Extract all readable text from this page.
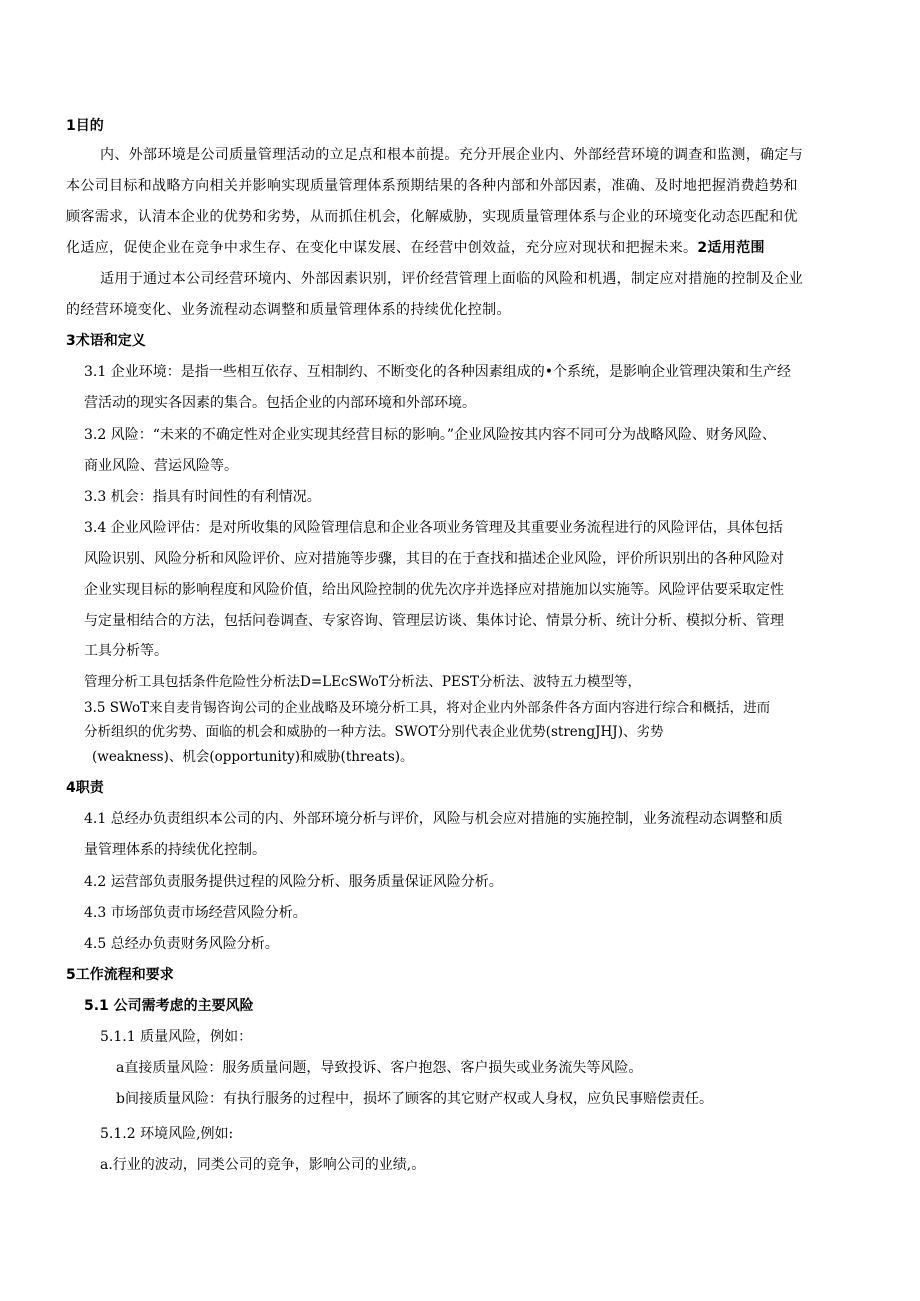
1目的
内、外部环境是公司质量管理活动的立足点和根本前提。充分开展企业内、外部经营环境的调查和监测，确定与
本公司目标和战略方向相关并影响实现质量管理体系预期结果的各种内部和外部因素，准确、及时地把握消费趋势和
顾客需求，认清本企业的优势和劣势，从而抓住机会，化解威胁，实现质量管理体系与企业的环境变化动态匹配和优
化适应，促使企业在竞争中求生存、在变化中谋发展、在经营中创效益，充分应对现状和把握未来。2适用范围
适用于通过本公司经营环境内、外部因素识别，评价经营管理上面临的风险和机遇，制定应对措施的控制及企业
的经营环境变化、业务流程动态调整和质量管理体系的持续优化控制。
3术语和定义
3.1 企业环境：是指一些相互依存、互相制约、不断变化的各种因素组成的•个系统，是影响企业管理决策和生产经
营活动的现实各因素的集合。包括企业的内部环境和外部环境。
3.2 风险：“未来的不确定性对企业实现其经营目标的影响。”企业风险按其内容不同可分为战略风险、财务风险、
商业风险、营运风险等。
3.3 机会：指具有时间性的有利情况。
3.4 企业风险评估：是对所收集的风险管理信息和企业各项业务管理及其重要业务流程进行的风险评估，具体包括
风险识别、风险分析和风险评价、应对措施等步骤，其目的在于查找和描述企业风险，评价所识别出的各种风险对
企业实现目标的影响程度和风险价值，给出风险控制的优先次序并选择应对措施加以实施等。风险评估要采取定性
与定量相结合的方法，包括问卷调查、专家咨询、管理层访谈、集体讨论、情景分析、统计分析、模拟分析、管理
工具分析等。
管理分析工具包括条件危险性分析法D=LEcSWoT分析法、PEST分析法、波特五力模型等，
3.5 SWoT来自麦肯锡咨询公司的企业战略及环境分析工具，将对企业内外部条件各方面内容进行综合和概括，进而
分析组织的优劣势、面临的机会和威胁的一种方法。SWOT分别代表企业优势(strengJHJ)、劣势
(weakness)、机会(opportunity)和威胁(threats)。
4职责
4.1 总经办负责组织本公司的内、外部环境分析与评价，风险与机会应对措施的实施控制，业务流程动态调整和质
量管理体系的持续优化控制。
4.2 运营部负责服务提供过程的风险分析、服务质量保证风险分析。
4.3 市场部负责市场经营风险分析。
4.5 总经办负责财务风险分析。
5工作流程和要求
5.1 公司需考虑的主要风险
5.1.1 质量风险，例如：
a直接质量风险：服务质量问题，导致投诉、客户抱怨、客户损失或业务流失等风险。
b间接质量风险：有执行服务的过程中，损坏了顾客的其它财产权或人身权，应负民事赔偿责任。
5.1.2 环境风险,例如:
a.行业的波动，同类公司的竞争，影响公司的业绩,。
